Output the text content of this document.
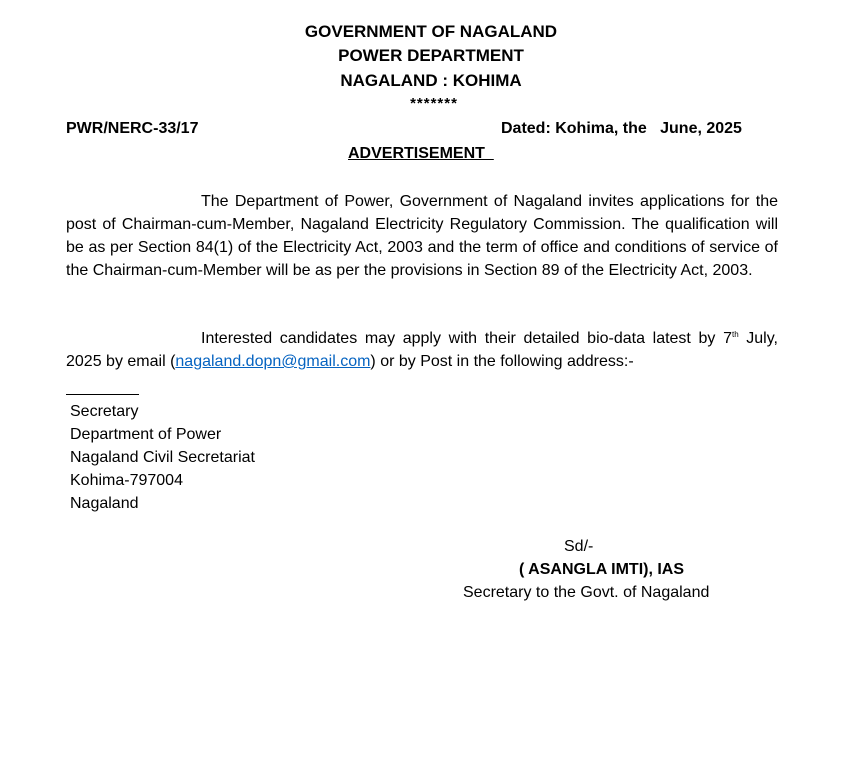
GOVERNMENT OF NAGALAND
POWER DEPARTMENT
NAGALAND : KOHIMA
*******
PWR/NERC-33/17	Dated: Kohima, the   June, 2025
ADVERTISEMENT
The Department of Power, Government of Nagaland invites applications for the post of Chairman-cum-Member, Nagaland Electricity Regulatory Commission. The qualification will be as per Section 84(1) of the Electricity Act, 2003 and the term of office and conditions of service of the Chairman-cum-Member will be as per the provisions in Section 89 of the Electricity Act, 2003.
Interested candidates may apply with their detailed bio-data latest by 7th July, 2025 by email (nagaland.dopn@gmail.com) or by Post in the following address:-
Secretary
Department of Power
Nagaland Civil Secretariat
Kohima-797004
Nagaland
Sd/-
( ASANGLA IMTI), IAS
Secretary to the Govt. of Nagaland
